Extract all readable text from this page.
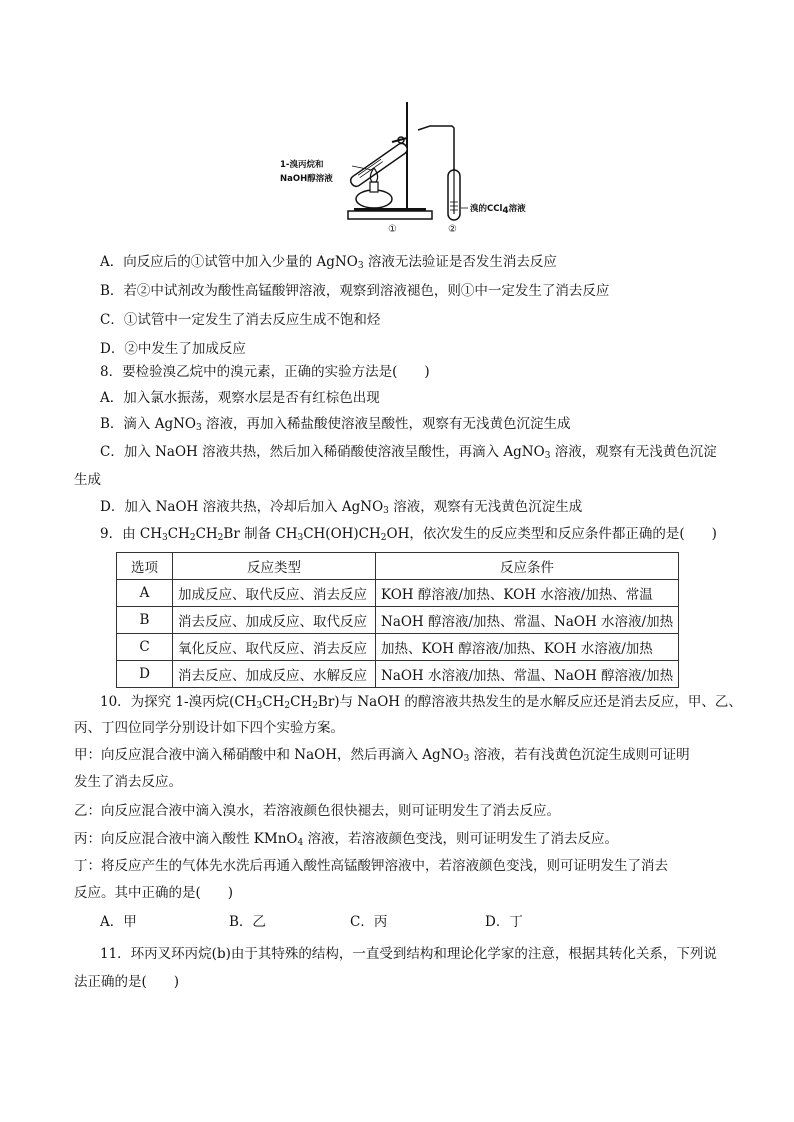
1-溴丙烷和
NaOH醇溶液
溴的CCl$_4$溶液
①	②
A．向反应后的①试管中加入少量的 AgNO$_3$ 溶液无法验证是否发生消去反应
B．若②中试剂改为酸性高锰酸钾溶液，观察到溶液褪色，则①中一定发生了消去反应
C．①试管中一定发生了消去反应生成不饱和烃
D．②中发生了加成反应
8．要检验溴乙烷中的溴元素，正确的实验方法是(　　)
A．加入氯水振荡，观察水层是否有红棕色出现
B．滴入 AgNO$_3$ 溶液，再加入稀盐酸使溶液呈酸性，观察有无浅黄色沉淀生成
C．加入 NaOH 溶液共热，然后加入稀硝酸使溶液呈酸性，再滴入 AgNO$_3$ 溶液，观察有无浅黄色沉淀
生成
D．加入 NaOH 溶液共热，冷却后加入 AgNO$_3$ 溶液，观察有无浅黄色沉淀生成
9．由 $CH_3CH_2CH_2Br$ 制备 $CH_3CH(OH)CH_2OH$，依次发生的反应类型和反应条件都正确的是(　　)
选项	反应类型	反应条件
A	加成反应、取代反应、消去反应	KOH 醇溶液/加热、KOH 水溶液/加热、常温
B	消去反应、加成反应、取代反应	NaOH 醇溶液/加热、常温、NaOH 水溶液/加热
C	氧化反应、取代反应、消去反应	加热、KOH 醇溶液/加热、KOH 水溶液/加热
D	消去反应、加成反应、水解反应	NaOH 水溶液/加热、常温、NaOH 醇溶液/加热
10．为探究 1-溴丙烷$(CH_3CH_2CH_2Br)$与 NaOH 的醇溶液共热发生的是水解反应还是消去反应，甲、乙、
丙、丁四位同学分别设计如下四个实验方案。
甲：向反应混合液中滴入稀硝酸中和 NaOH，然后再滴入 AgNO$_3$ 溶液，若有浅黄色沉淀生成则可证明
发生了消去反应。
乙：向反应混合液中滴入溴水，若溶液颜色很快褪去，则可证明发生了消去反应。
丙：向反应混合液中滴入酸性 KMnO$_4$ 溶液，若溶液颜色变浅，则可证明发生了消去反应。
丁：将反应产生的气体先水洗后再通入酸性高锰酸钾溶液中，若溶液颜色变浅，则可证明发生了消去
反应。其中正确的是(　　)
A．甲	B．乙	C．丙	D．丁
11．环丙叉环丙烷(b)由于其特殊的结构，一直受到结构和理论化学家的注意，根据其转化关系，下列说
法正确的是(　　)
